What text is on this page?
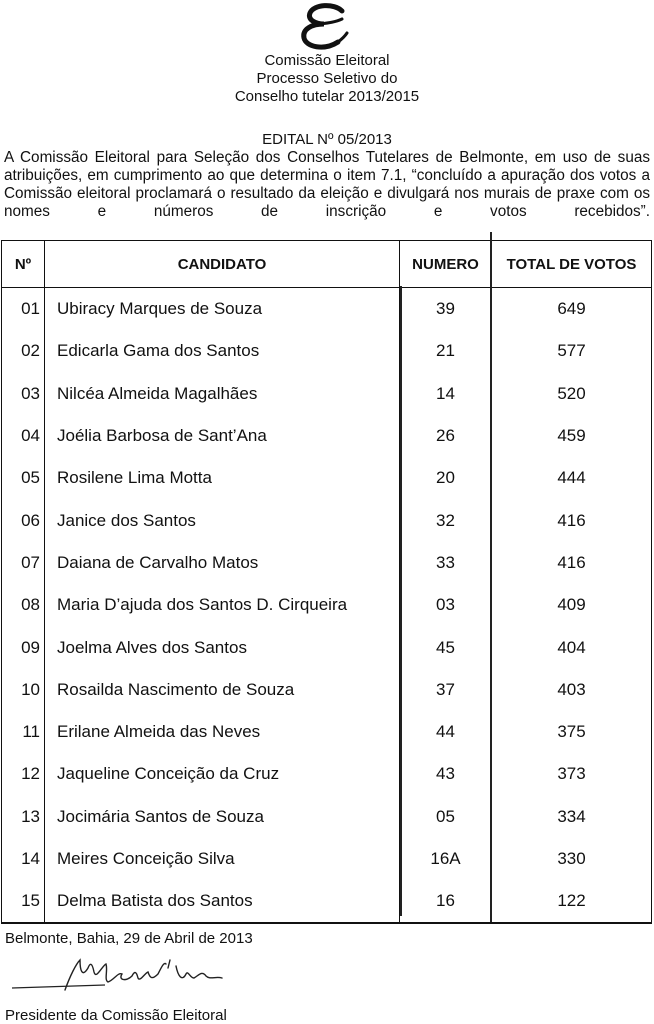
Comissão Eleitoral
Processo Seletivo do
Conselho tutelar 2013/2015
EDITAL Nº 05/2013
A Comissão Eleitoral para Seleção dos Conselhos Tutelares de Belmonte, em uso de suas atribuições, em cumprimento ao que determina o item 7.1, “concluído a apuração dos votos a Comissão eleitoral proclamará o resultado da eleição e divulgará nos murais de praxe com os nomes e números de inscrição e votos recebidos”.
Nº	CANDIDATO	NUMERO	TOTAL DE VOTOS
01	Ubiracy Marques de Souza	39	649
02	Edicarla Gama dos Santos	21	577
03	Nilcéa Almeida Magalhães	14	520
04	Joélia Barbosa de Sant’Ana	26	459
05	Rosilene Lima Motta	20	444
06	Janice dos Santos	32	416
07	Daiana de Carvalho Matos	33	416
08	Maria D’ajuda dos Santos D. Cirqueira	03	409
09	Joelma Alves dos Santos	45	404
10	Rosailda Nascimento de Souza	37	403
11	Erilane Almeida das Neves	44	375
12	Jaqueline Conceição da Cruz	43	373
13	Jocimária Santos de Souza	05	334
14	Meires Conceição Silva	16A	330
15	Delma Batista dos Santos	16	122
Belmonte, Bahia, 29 de Abril de 2013
Presidente da Comissão Eleitoral
